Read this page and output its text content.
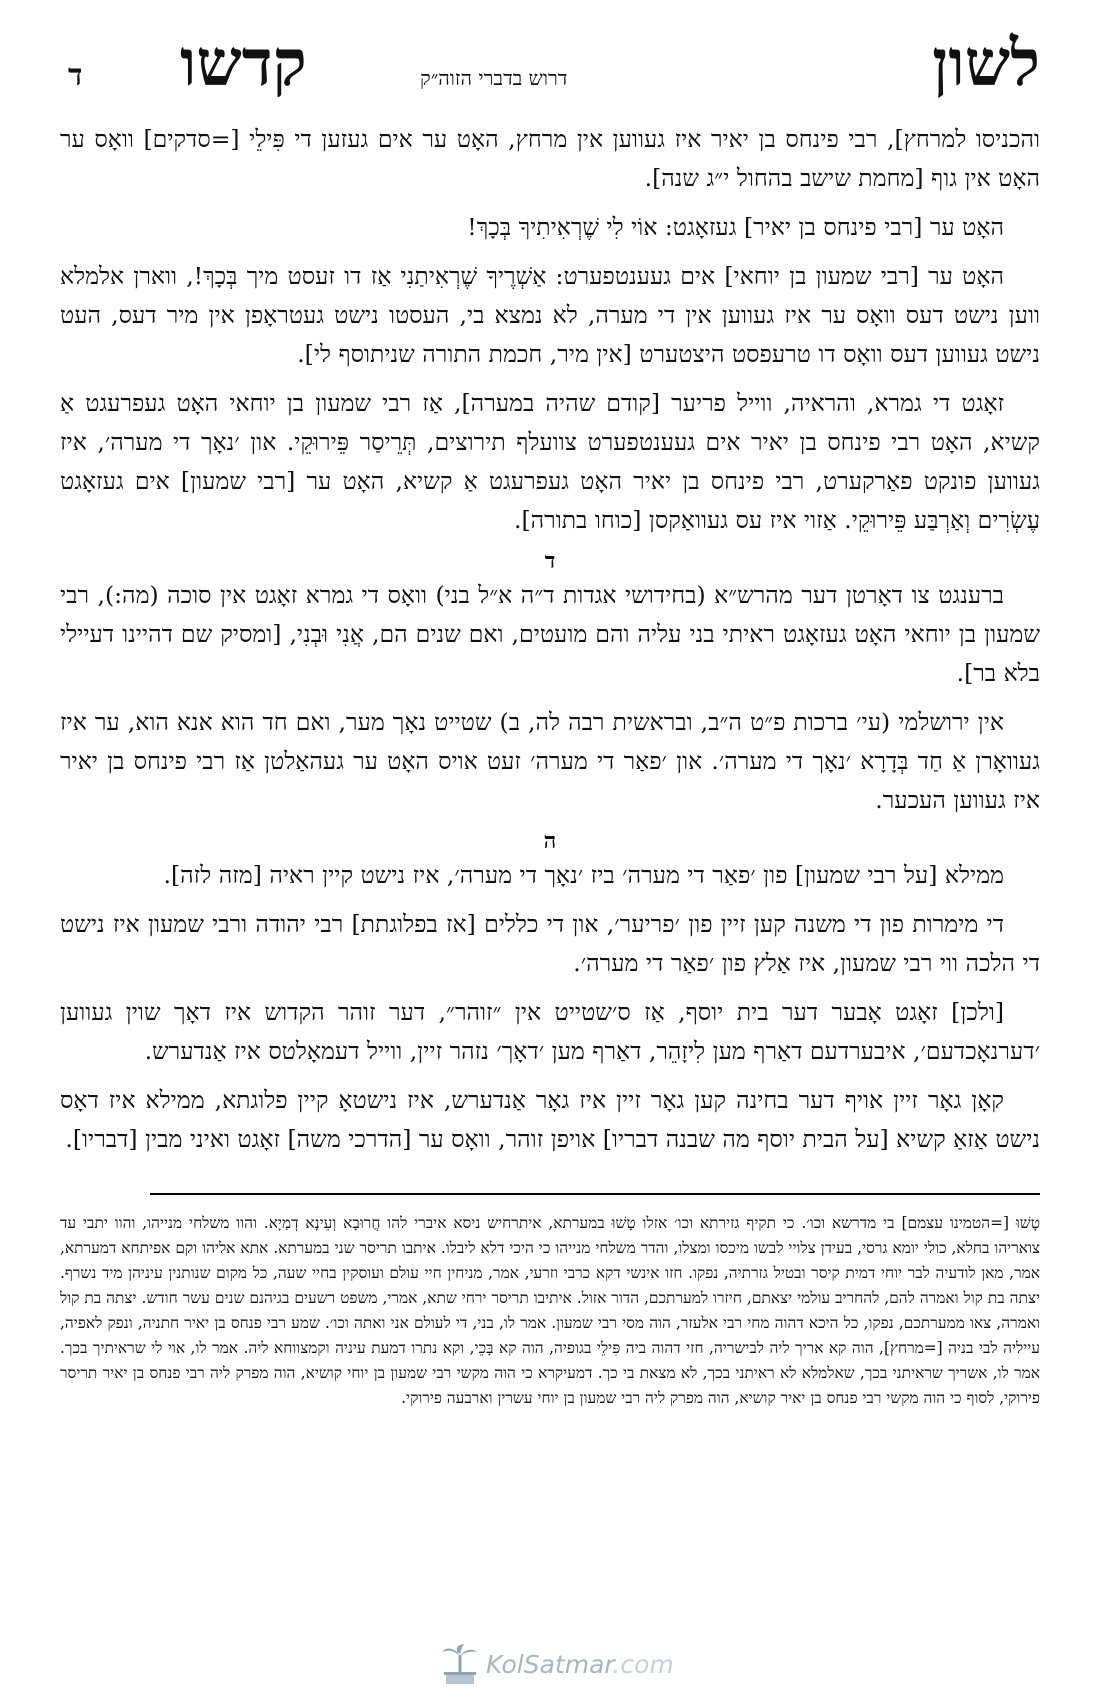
לשון
דרוש בדברי הזוה״ק
קדשו
ד

והכניסו למרחץ], רבי פינחס בן יאיר איז געווען אין מרחץ, האָט ער אים געזען די פִּילֵי [=סדקים] וואָס ער האָט אין גוף [מחמת שישב בהחול י״ג שנה].

האָט ער [רבי פינחס בן יאיר] געזאָגט: אוֹי לִי שֶׁרְאִיתִיךָ בְּכָךְ!

האָט ער [רבי שמעון בן יוחאי] אים געענטפערט: אַשְׁרֶיךָ שֶׁרְאִיתַנִי אַז דו זעסט מיך בְּכָךְ!, ווארן אלמלא ווען נישט דעס וואָס ער איז געווען אין די מערה, לא נמצא בי, העסטו נישט געטראָפן אין מיר דעס, העט נישט געווען דעס וואָס דו טרעפסט היצטערט [אין מיר, חכמת התורה שניתוסף לי].

זאָגט די גמרא, והראיה, ווייל פריער [קודם שהיה במערה], אַז רבי שמעון בן יוחאי האָט געפרעגט אַ קשיא, האָט רבי פינחס בן יאיר אים געענטפערט צוועלף תירוצים, תְּרֵיסַר פֵּירוּקֵי. און ׳נאָך די מערה׳, איז געווען פונקט פאַרקערט, רבי פינחס בן יאיר האָט געפרעגט אַ קשיא, האָט ער [רבי שמעון] אים געזאָגט עֶשְׂרִים וְאַרְבַּע פֵּירוּקֵי. אַזוי איז עס געוואַקסן [כוחו בתורה].

ד

ברענגט צו דאָרטן דער מהרש״א (בחידושי אגדות ד״ה א״ל בני) וואָס די גמרא זאָגט אין סוכה (מה:), רבי שמעון בן יוחאי האָט געזאָגט ראיתי בני עליה והם מועטים, ואם שנים הם, אֲנִי וּבְנִי, [ומסיק שם דהיינו דעיילי בלא בר].

אין ירושלמי (עי׳ ברכות פ״ט ה״ב, ובראשית רבה לה, ב) שטייט נאָך מער, ואם חד הוא אנא הוא, ער איז געוואָרן אַ חַד בְּדָרָא ׳נאָך די מערה׳. און ׳פאַר די מערה׳ זעט אויס האָט ער געהאַלטן אַז רבי פינחס בן יאיר איז געווען העכער.

ה

ממילא [על רבי שמעון] פון ׳פאַר די מערה׳ ביז ׳נאָך די מערה׳, איז נישט קיין ראיה [מזה לזה].

די מימרות פון די משנה קען זיין פון ׳פריער׳, און די כללים [אז בפלוגתת] רבי יהודה ורבי שמעון איז נישט די הלכה ווי רבי שמעון, איז אַלץ פון ׳פאַר די מערה׳.

[ולכן] זאָגט אָבער דער בית יוסף, אַז ס׳שטייט אין ״זוהר״, דער זוהר הקדוש איז דאָך שוין געווען ׳דערנאָכדעם׳, איבערדעם דאַרף מען לִיזָהֵר, דאַרף מען ׳דאָך׳ נזהר זיין, ווייל דעמאָלטס איז אַנדערש.

קאָן גאָר זיין אויף דער בחינה קען גאָר זיין איז גאָר אַנדערש, איז נישטאָ קיין פלוגתא, ממילא איז דאָס נישט אַזאַ קשיא [על הבית יוסף מה שבנה דבריו] אויפן זוהר, וואָס ער [הדרכי משה] זאָגט ואיני מבין [דבריו].

טָשׁוּ [=הטמינו עצמם] בי מדרשא וכו׳. כי תקיף גזירתא וכו׳ אזלו טָשׁוּ במערתא, איתרחיש ניסא איברי להו חֲרוּבָא וְעֵינָא דְמַיָא. והוו משלחי מנייהו, והוו יתבי עד צואריהו בחלא, כולי יומא גרסי, בעידן צלויי לבשו מיכסו ומצלו, והדר משלחי מנייהו כי היכי דלא ליבלו. איתבו תריסר שני במערתא. אתא אליהו וקם אפיתחא דמערתא, אמר, מאן לודעיה לבר יוחי דמית קיסר ובטיל גזרתיה, נפקו. חזו אינשי דקא כרבי וזרעי, אמר, מניחין חיי עולם ועוסקין בחיי שעה, כל מקום שנותנין עיניהן מיד נשרף. יצתה בת קול ואמרה להם, להחריב עולמי יצאתם, חיזרו למערתכם, הדור אזול. איתיבו תריסר ירחי שתא, אמרי, משפט רשעים בגיהנם שנים עשר חודש. יצתה בת קול ואמרה, צאו ממערתכם, נפקו, כל היכא דהוה מחי רבי אלעזר, הוה מסי רבי שמעון. אמר לו, בני, די לעולם אני ואתה וכו׳. שמע רבי פנחס בן יאיר חתניה, ונפק לאפיה, עייליה לבי בניה [=מרחץ], הוה קא אריך ליה לבישריה, חזי דהוה ביה פִּילֵי בגופיה, הוה קא בָּכֵי, וקא נתרו דמעת עיניה וקמצווחא ליה. אמר לו, אוי לי שראיתיך בכך. אמר לו, אשריך שראיתני בכך, שאלמלא לא ראיתני בכך, לא מצאת בי כך. דמעיקרא כי הוה מקשי רבי שמעון בן יוחי קושיא, הוה מפרק ליה רבי פנחס בן יאיר תריסר פירוקי, לסוף כי הוה מקשי רבי פנחס בן יאיר קושיא, הוה מפרק ליה רבי שמעון בן יוחי עשרין וארבעה פירוקי.
KolSatmar.com
